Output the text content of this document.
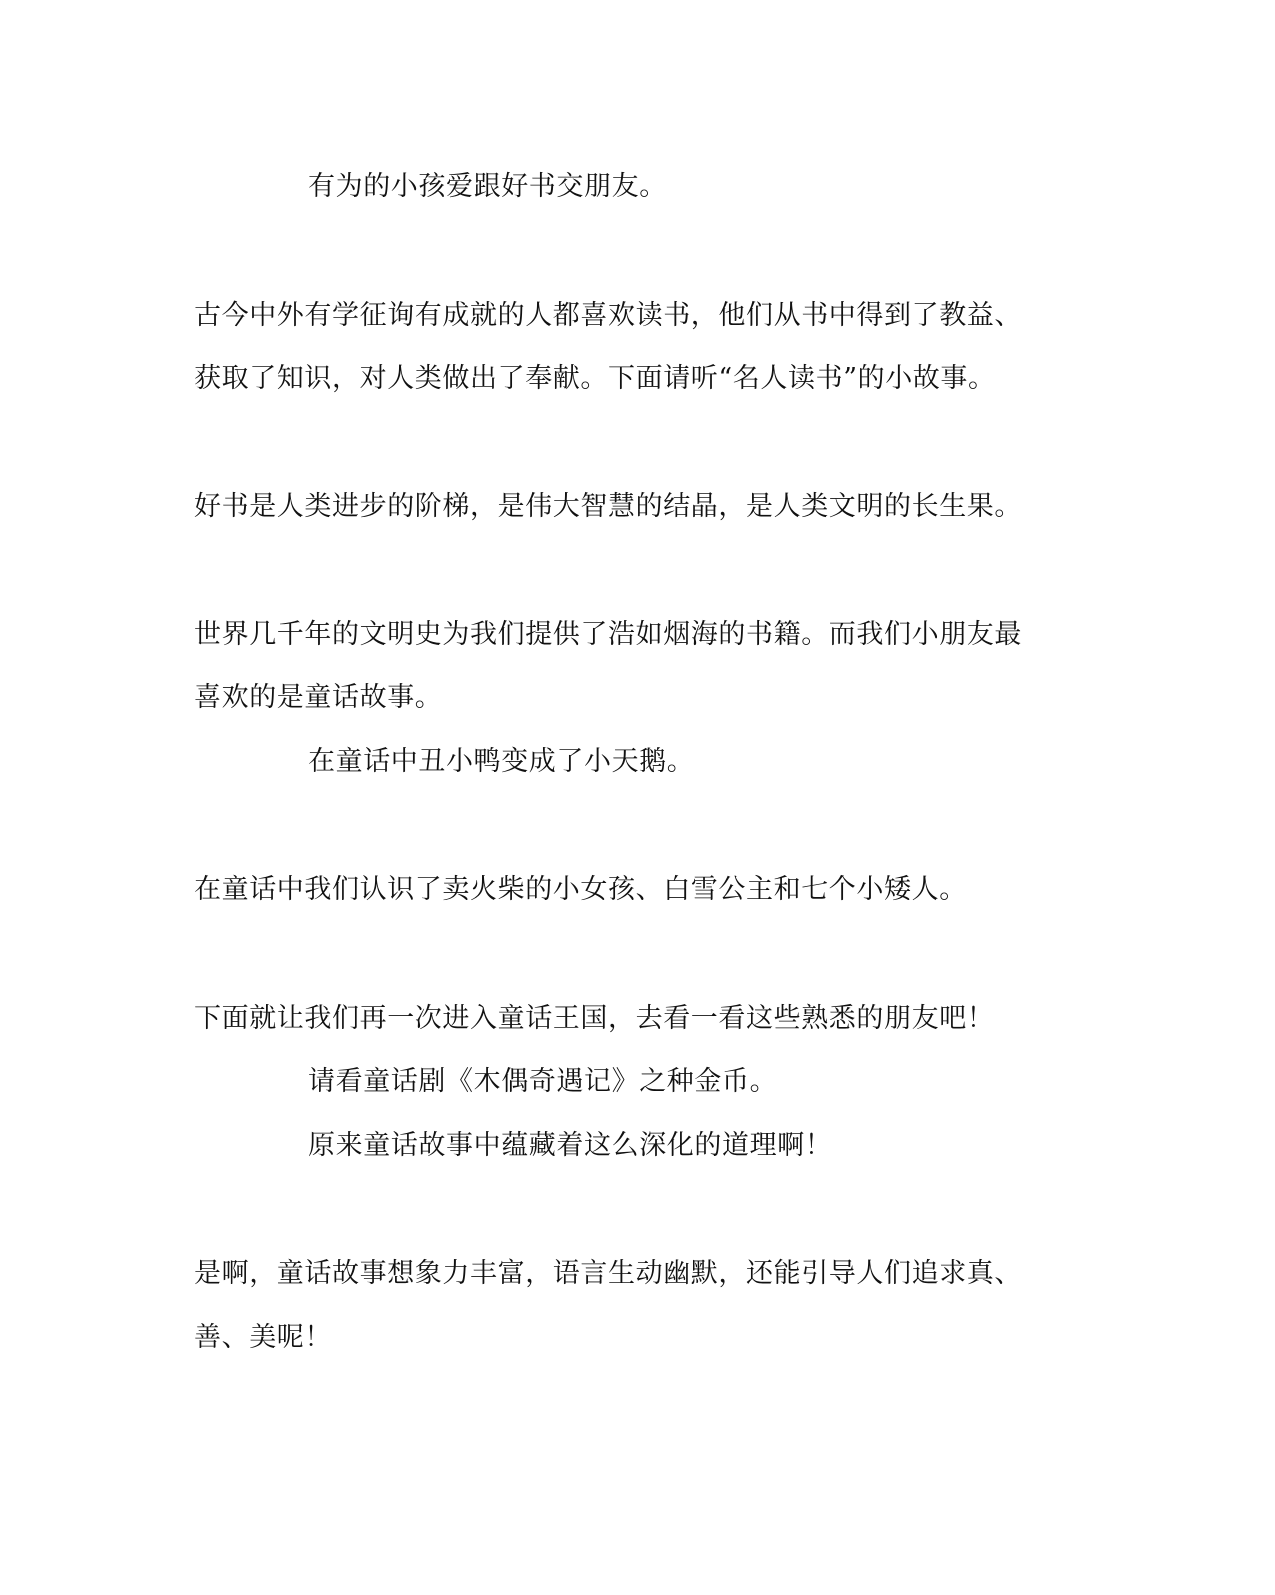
有为的小孩爱跟好书交朋友。
古今中外有学征询有成就的人都喜欢读书，他们从书中得到了教益、
获取了知识，对人类做出了奉献。下面请听“名人读书”的小故事。
好书是人类进步的阶梯，是伟大智慧的结晶，是人类文明的长生果。
世界几千年的文明史为我们提供了浩如烟海的书籍。而我们小朋友最
喜欢的是童话故事。
在童话中丑小鸭变成了小天鹅。
在童话中我们认识了卖火柴的小女孩、白雪公主和七个小矮人。
下面就让我们再一次进入童话王国，去看一看这些熟悉的朋友吧！
请看童话剧《木偶奇遇记》之种金币。
原来童话故事中蕴藏着这么深化的道理啊！
是啊，童话故事想象力丰富，语言生动幽默，还能引导人们追求真、
善、美呢！
